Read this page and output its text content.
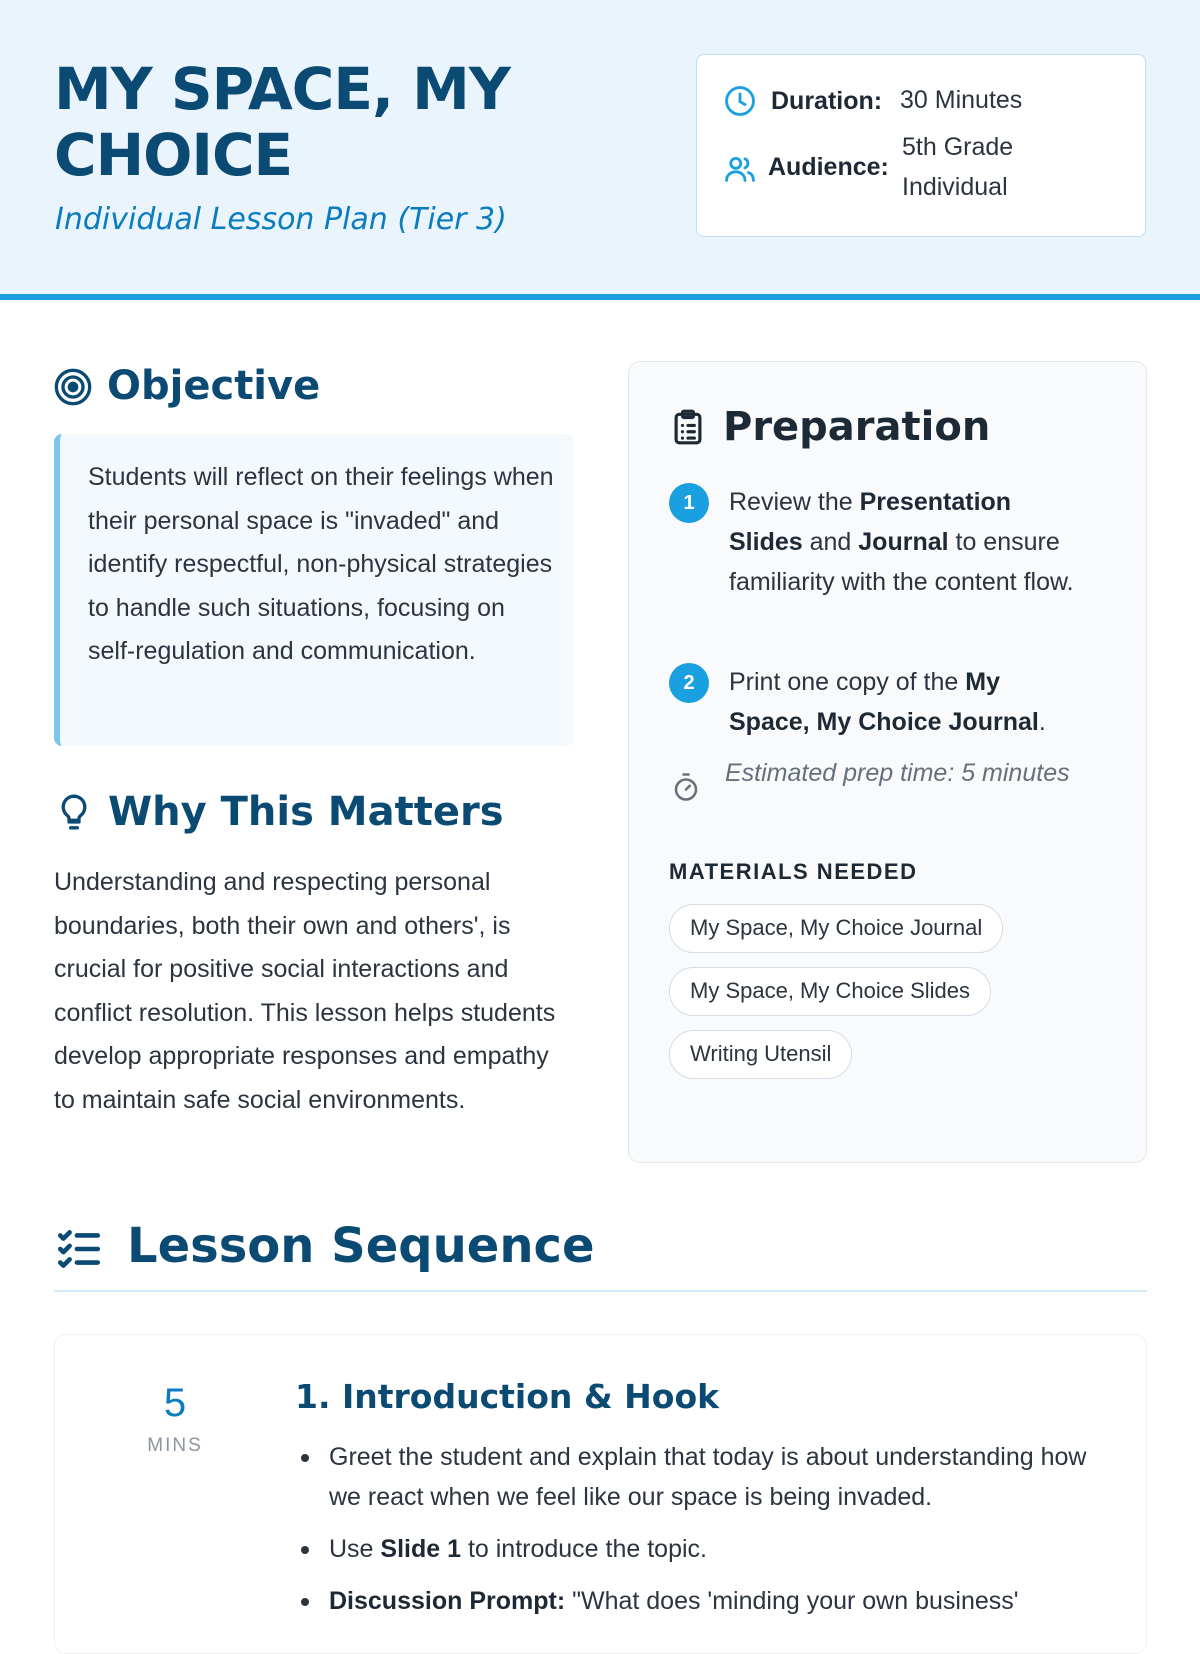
MY SPACE, MY CHOICE
Individual Lesson Plan (Tier 3)
Duration: 30 Minutes
Audience:
5th Grade
Individual
Objective

Students will reflect on their feelings when their personal space is "invaded" and identify respectful, non-physical strategies to handle such situations, focusing on self-regulation and communication.

Why This Matters

Understanding and respecting personal boundaries, both their own and others', is crucial for positive social interactions and conflict resolution. This lesson helps students develop appropriate responses and empathy to maintain safe social environments.

Preparation
1	Review the Presentation Slides and Journal to ensure familiarity with the content flow.
2	Print one copy of the My Space, My Choice Journal.
Estimated prep time: 5 minutes
MATERIALS NEEDED
My Space, My Choice Journal
My Space, My Choice Slides
Writing Utensil
Lesson Sequence
5
MINS
1. Introduction & Hook
Greet the student and explain that today is about understanding how we react when we feel like our space is being invaded.
Use Slide 1 to introduce the topic.
Discussion Prompt: "What does 'minding your own business'
